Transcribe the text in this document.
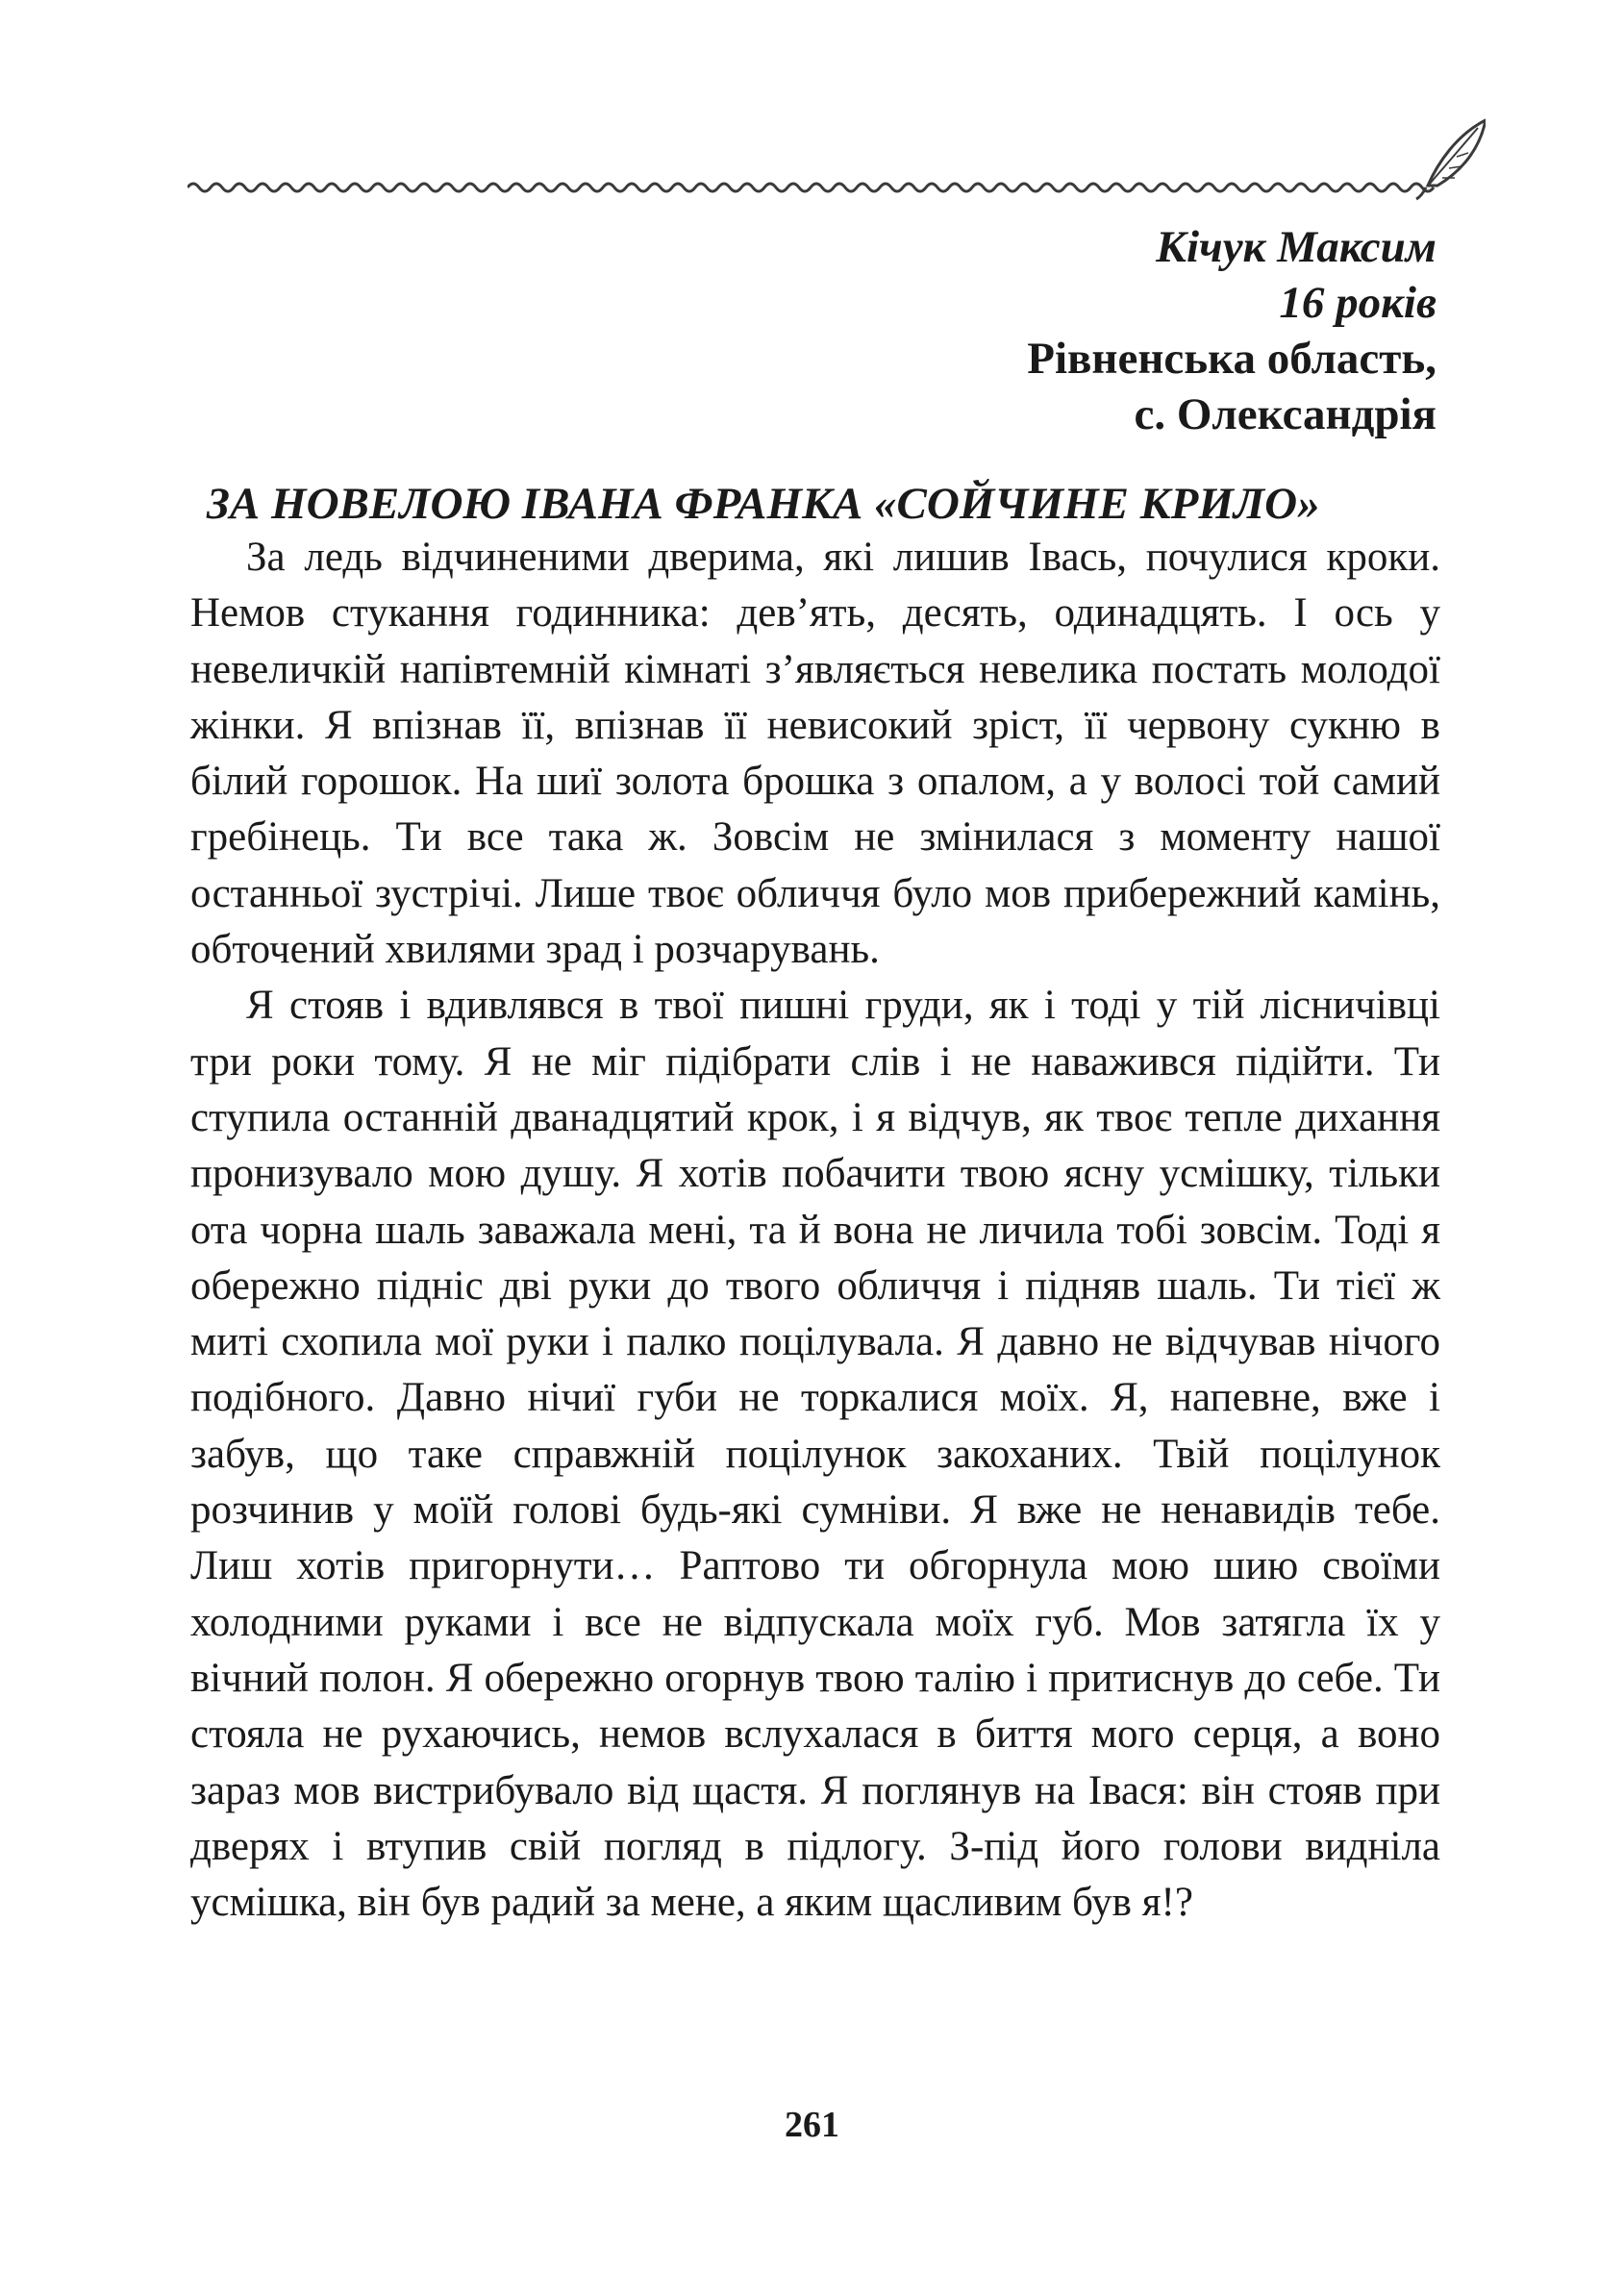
Кічук Максим
16 років
Рівненська область,
с. Олександрія
ЗА НОВЕЛОЮ ІВАНА ФРАНКА «СОЙЧИНЕ КРИЛО»

За ледь відчиненими дверима, які лишив Івась, почулися кроки. Немов стукання годинника: дев’ять, десять, одинадцять. І ось у невеличкій напівтемній кімнаті з’являється невелика постать молодої жінки. Я впізнав її, впізнав її невисокий зріст, її червону сукню в білий горошок. На шиї золота брошка з опалом, а у волосі той самий гребінець. Ти все така ж. Зовсім не змінилася з моменту нашої останньої зустрічі. Лише твоє обличчя було мов прибережний камінь, обточений хвилями зрад і розчарувань.

Я стояв і вдивлявся в твої пишні груди, як і тоді у тій лісничівці три роки тому. Я не міг підібрати слів і не наважився підійти. Ти ступила останній дванадцятий крок, і я відчув, як твоє тепле дихання пронизувало мою душу. Я хотів побачити твою ясну усмішку, тільки ота чорна шаль заважала мені, та й вона не личила тобі зовсім. Тоді я обережно підніс дві руки до твого обличчя і підняв шаль. Ти тієї ж миті схопила мої руки і палко поцілувала. Я давно не відчував нічого подібного. Давно нічиї губи не торкалися моїх. Я, напевне, вже і забув, що таке справжній поцілунок закоханих. Твій поцілунок розчинив у моїй голові будь-які сумніви. Я вже не ненавидів тебе. Лиш хотів пригорнути… Раптово ти обгорнула мою шию своїми холодними руками і все не відпускала моїх губ. Мов затягла їх у вічний полон. Я обережно огорнув твою талію і притиснув до себе. Ти стояла не рухаючись, немов вслухалася в биття мого серця, а воно зараз мов вистрибувало від щастя. Я поглянув на Івася: він стояв при дверях і втупив свій погляд в підлогу. З-під його голови видніла усмішка, він був радий за мене, а яким щасливим був я!?

261
